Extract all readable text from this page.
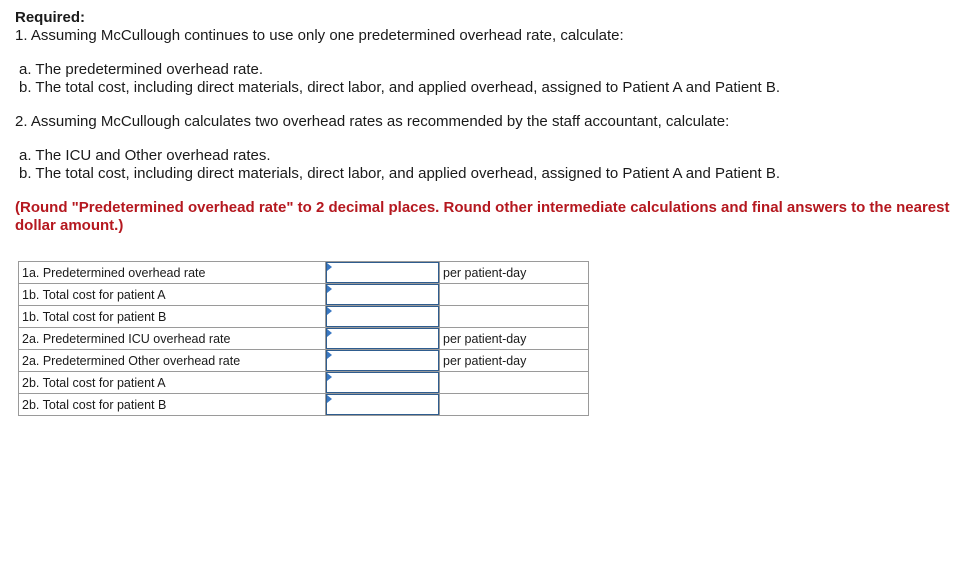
Required:

1. Assuming McCullough continues to use only one predetermined overhead rate, calculate:

a. The predetermined overhead rate.

b. The total cost, including direct materials, direct labor, and applied overhead, assigned to Patient A and Patient B.

2. Assuming McCullough calculates two overhead rates as recommended by the staff accountant, calculate:

a. The ICU and Other overhead rates.

b. The total cost, including direct materials, direct labor, and applied overhead, assigned to Patient A and Patient B.

(Round "Predetermined overhead rate" to 2 decimal places. Round other intermediate calculations and final answers to the nearest dollar amount.)

1a. Predetermined overhead rate		per patient-day
1b. Total cost for patient A	

1b. Total cost for patient B	

2a. Predetermined ICU overhead rate		per patient-day
2a. Predetermined Other overhead rate		per patient-day
2b. Total cost for patient A	

2b. Total cost for patient B	
